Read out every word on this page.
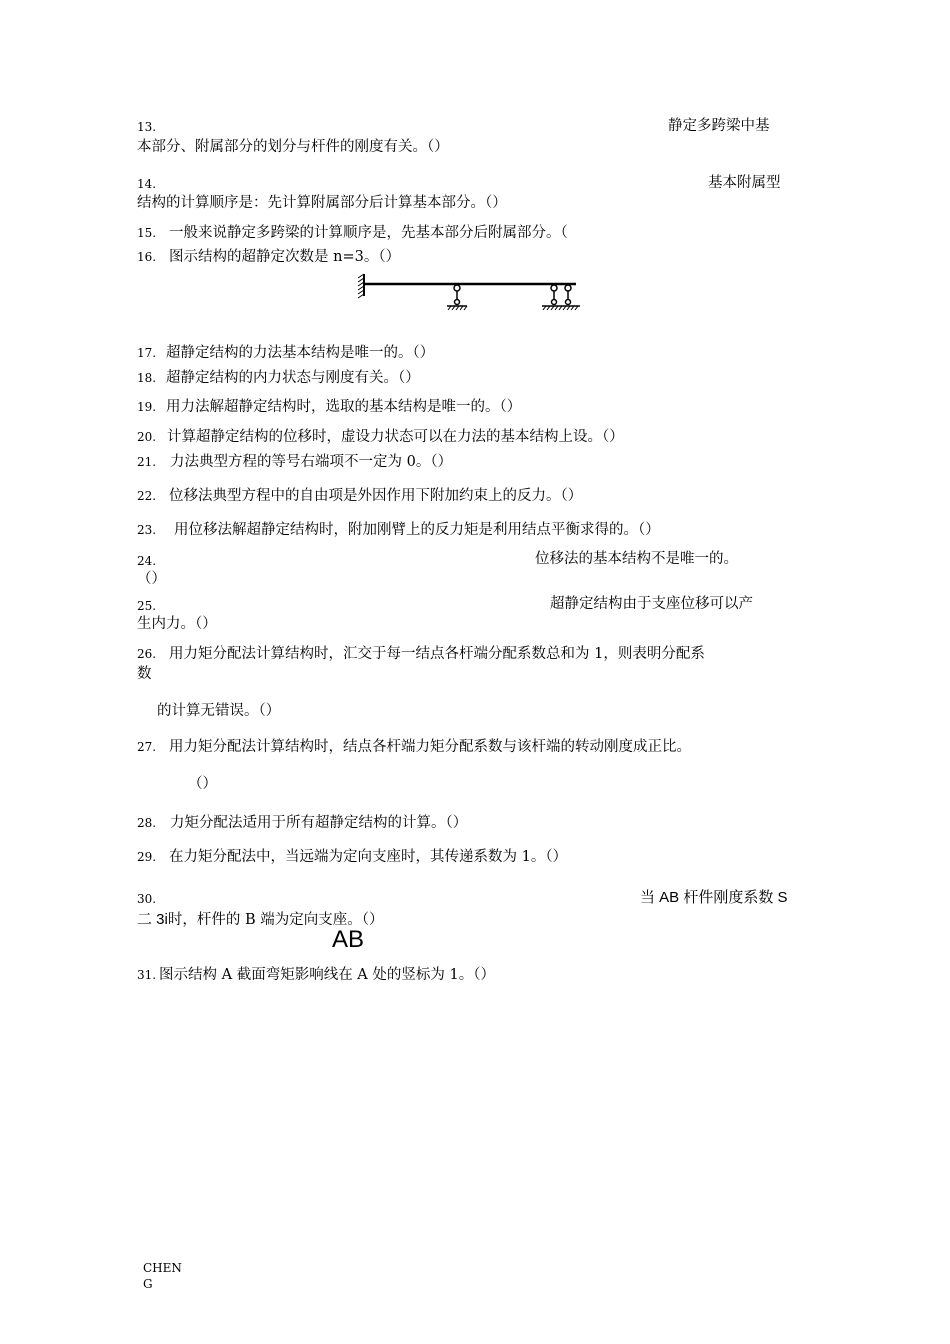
13.	静定多跨梁中基
本部分、附属部分的划分与杆件的刚度有关。（）
14.	基本附属型
结构的计算顺序是：先计算附属部分后计算基本部分。（）
15. 一般来说静定多跨梁的计算顺序是，先基本部分后附属部分。（
16. 图示结构的超静定次数是 n=3。（）
17. 超静定结构的力法基本结构是唯一的。（）
18. 超静定结构的内力状态与刚度有关。（）
19. 用力法解超静定结构时，选取的基本结构是唯一的。（）
20. 计算超静定结构的位移时，虚设力状态可以在力法的基本结构上设。（）
21. 力法典型方程的等号右端项不一定为 0。（）
22. 位移法典型方程中的自由项是外因作用下附加约束上的反力。（）
23. 用位移法解超静定结构时，附加刚臂上的反力矩是利用结点平衡求得的。（）
24.	位移法的基本结构不是唯一的。
（）
25.	超静定结构由于支座位移可以产
生内力。（）
26. 用力矩分配法计算结构时，汇交于每一结点各杆端分配系数总和为 1，则表明分配系
数
的计算无错误。（）
27. 用力矩分配法计算结构时，结点各杆端力矩分配系数与该杆端的转动刚度成正比。
（）
28. 力矩分配法适用于所有超静定结构的计算。（）
29. 在力矩分配法中，当远端为定向支座时，其传递系数为 1。（）
30.	当 AB 杆件刚度系数 S
二 3i时，杆件的 B 端为定向支座。（）
AB
31. 图示结构 A 截面弯矩影响线在 A 处的竖标为 1。（）
CHEN
G
